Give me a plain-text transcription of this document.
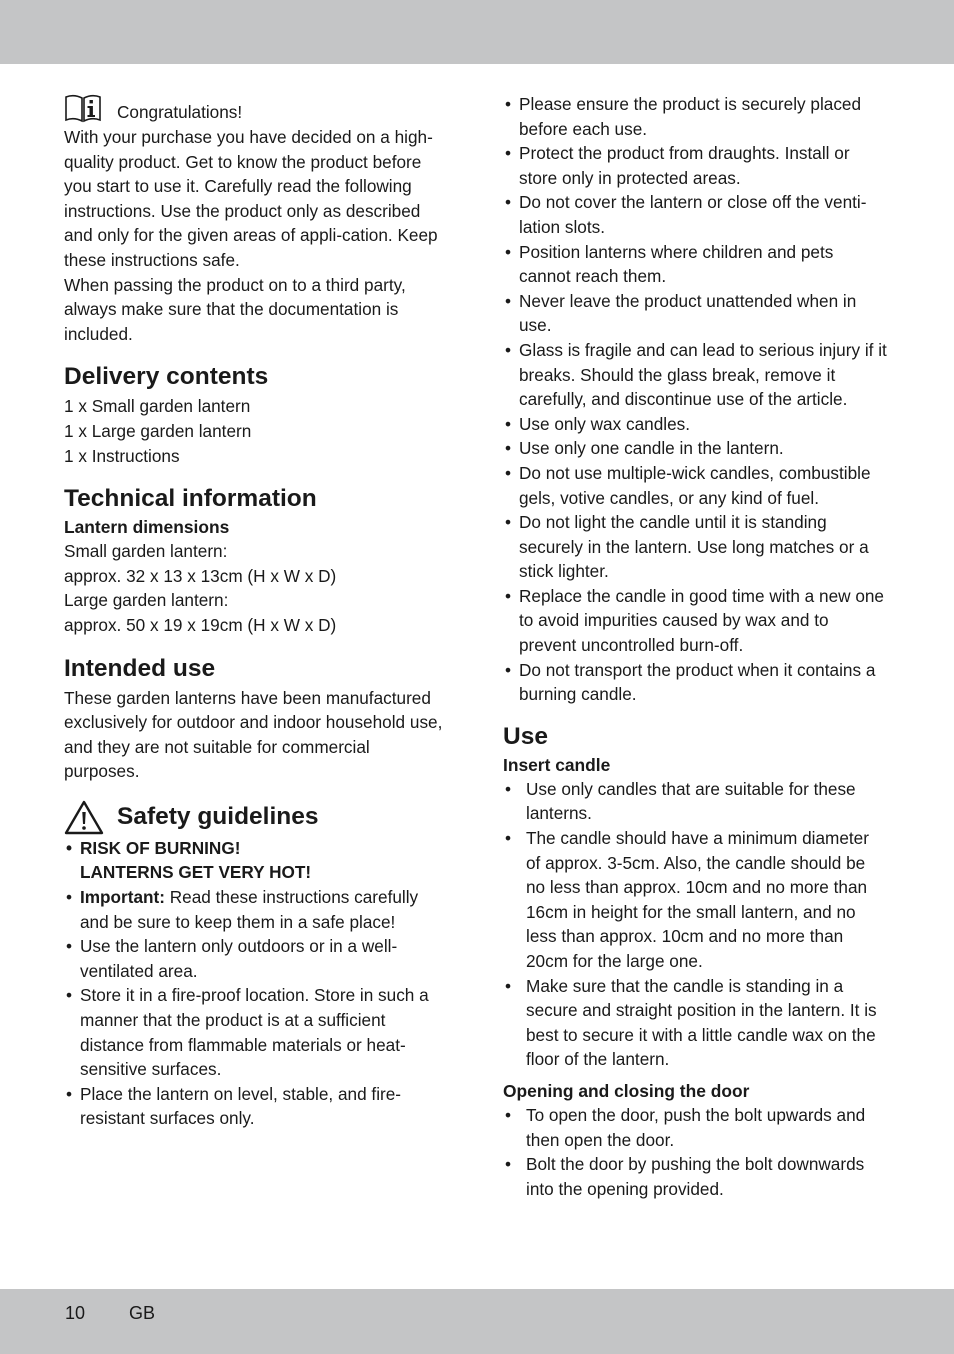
Congratulations!

With your purchase you have decided on a high-quality product. Get to know the product before you start to use it. Carefully read the following instructions. Use the product only as described and only for the given areas of appli-cation. Keep these instructions safe.

When passing the product on to a third party, always make sure that the documentation is included.

Delivery contents
1 x Small garden lantern
1 x Large garden lantern
1 x Instructions
Technical information
Lantern dimensions
Small garden lantern:
approx. 32 x 13 x 13cm (H x W x D)
Large garden lantern:
approx. 50 x 19 x 19cm (H x W x D)
Intended use

These garden lanterns have been manufactured exclusively for outdoor and indoor household use, and they are not suitable for commercial purposes.

Safety guidelines
• RISK OF BURNING!
LANTERNS GET VERY HOT!
• Important: Read these instructions carefully and be sure to keep them in a safe place!
• Use the lantern only outdoors or in a well-ventilated area.
• Store it in a fire-proof location. Store in such a manner that the product is at a sufficient distance from flammable materials or heat-sensitive surfaces.
• Place the lantern on level, stable, and fire-resistant surfaces only.
• Please ensure the product is securely placed before each use.
• Protect the product from draughts. Install or store only in protected areas.
• Do not cover the lantern or close off the venti-lation slots.
• Position lanterns where children and pets cannot reach them.
• Never leave the product unattended when in use.
• Glass is fragile and can lead to serious injury if it breaks. Should the glass break, remove it carefully, and discontinue use of the article.
• Use only wax candles.
• Use only one candle in the lantern.
• Do not use multiple-wick candles, combustible gels, votive candles, or any kind of fuel.
• Do not light the candle until it is standing securely in the lantern. Use long matches or a stick lighter.
• Replace the candle in good time with a new one to avoid impurities caused by wax and to prevent uncontrolled burn-off.
• Do not transport the product when it contains a burning candle.
Use
Insert candle
• Use only candles that are suitable for these lanterns.
• The candle should have a minimum diameter of approx. 3-5cm. Also, the candle should be no less than approx. 10cm and no more than 16cm in height for the small lantern, and no less than approx. 10cm and no more than 20cm for the large one.
• Make sure that the candle is standing in a secure and straight position in the lantern. It is best to secure it with a little candle wax on the floor of the lantern.
Opening and closing the door
• To open the door, push the bolt upwards and then open the door.
• Bolt the door by pushing the bolt downwards into the opening provided.
10 GB
